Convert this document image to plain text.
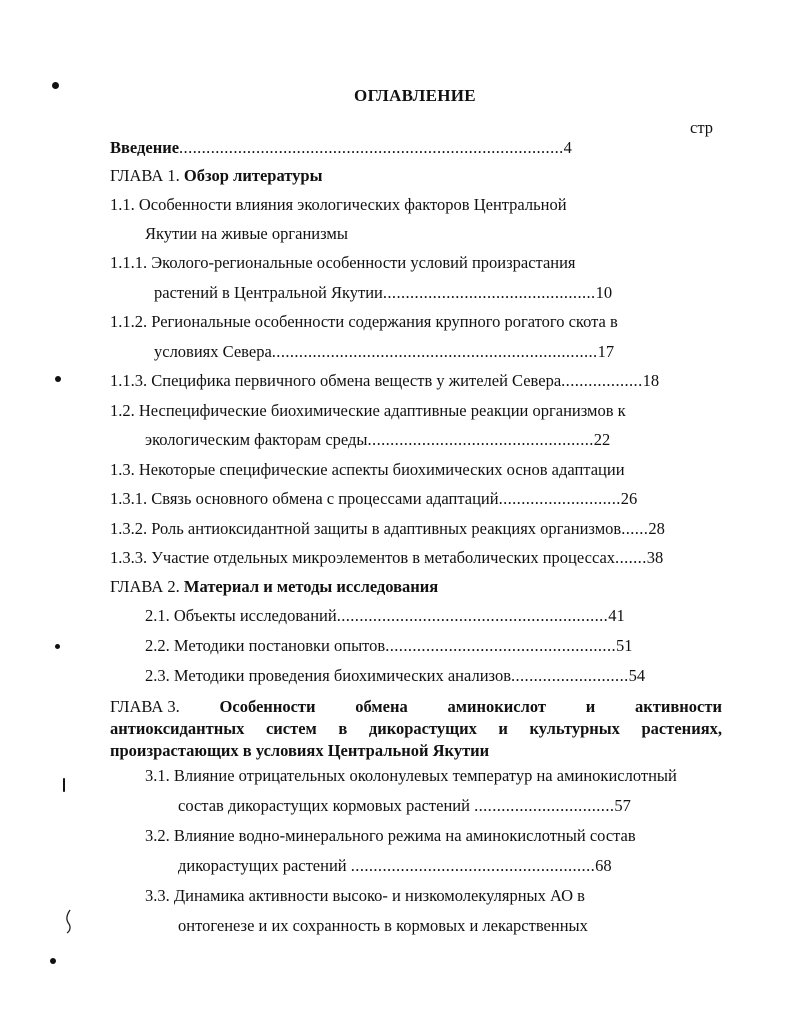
ОГЛАВЛЕНИЕ
стр
Введение.....................................................................................4
ГЛАВА 1. Обзор литературы
1.1. Особенности влияния экологических факторов Центральной
Якутии на живые организмы
1.1.1. Эколого-региональные особенности условий произрастания
растений в Центральной Якутии...............................................10
1.1.2. Региональные особенности содержания крупного рогатого скота в
условиях Севера........................................................................17
1.1.3. Специфика первичного обмена веществ у жителей Севера..................18
1.2. Неспецифические биохимические адаптивные реакции организмов к
экологическим факторам среды..................................................22
1.3. Некоторые специфические аспекты биохимических основ адаптации
1.3.1. Связь основного обмена с процессами адаптаций...........................26
1.3.2. Роль антиоксидантной защиты в адаптивных реакциях организмов......28
1.3.3. Участие отдельных микроэлементов в метаболических процессах.......38
ГЛАВА 2. Материал и методы исследования
2.1. Объекты исследований............................................................41
2.2. Методики постановки опытов...................................................51
2.3. Методики проведения биохимических анализов..........................54
ГЛАВА 3. Особенности обмена аминокислот и активности
антиоксидантных систем в дикорастущих и культурных растениях,
произрастающих в условиях Центральной Якутии
3.1. Влияние отрицательных околонулевых температур на аминокислотный
состав дикорастущих кормовых растений ...............................57
3.2. Влияние водно-минерального режима на аминокислотный состав
дикорастущих растений ......................................................68
3.3. Динамика активности высоко- и низкомолекулярных АО в
онтогенезе и их сохранность в кормовых и лекарственных
